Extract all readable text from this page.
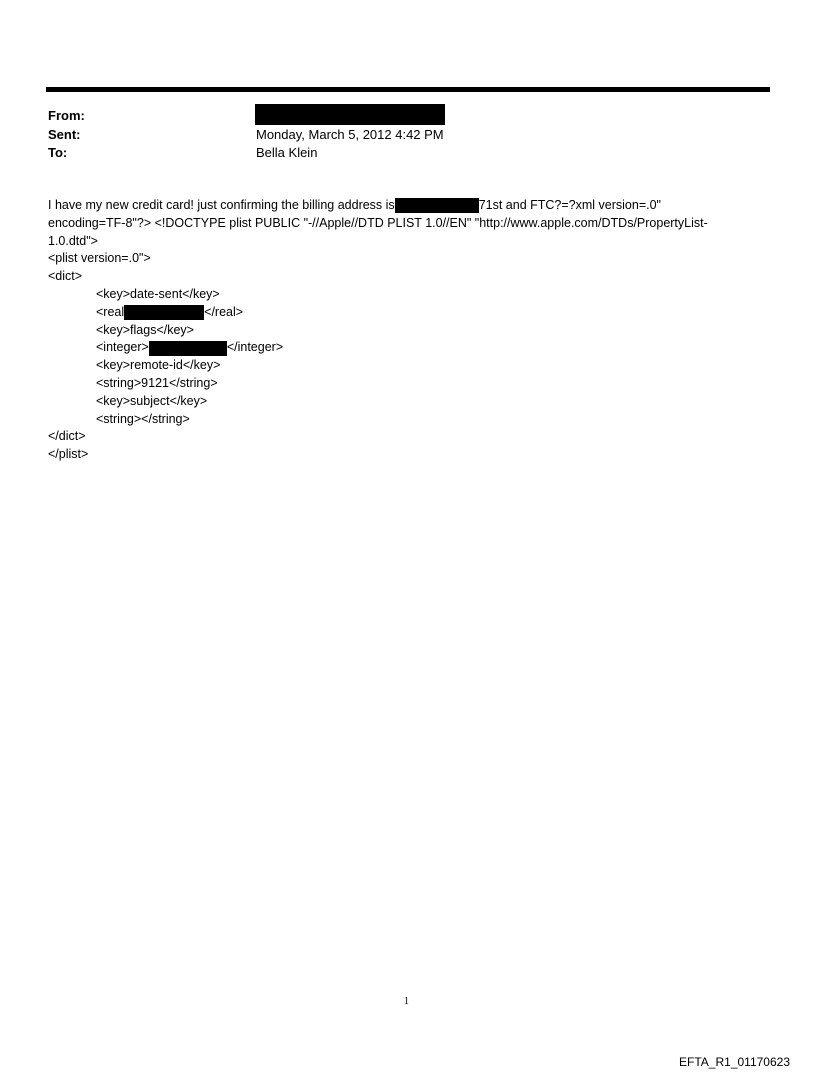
From:
Sent:	Monday, March 5, 2012 4:42 PM
To:	Bella Klein
I have my new credit card! just confirming the billing address is	71st and FTC?=?xml version=.0"
encoding=TF-8"?> <!DOCTYPE plist PUBLIC "-//Apple//DTD PLIST 1.0//EN" "http://www.apple.com/DTDs/PropertyList-
1.0.dtd">
<plist version=.0">
<dict>
<key>date-sent</key>
<real	</real>
<key>flags</key>
<integer>	</integer>
<key>remote-id</key>
<string>9121</string>
<key>subject</key>
<string></string>
</dict>
</plist>
1
EFTA_R1_01170623
